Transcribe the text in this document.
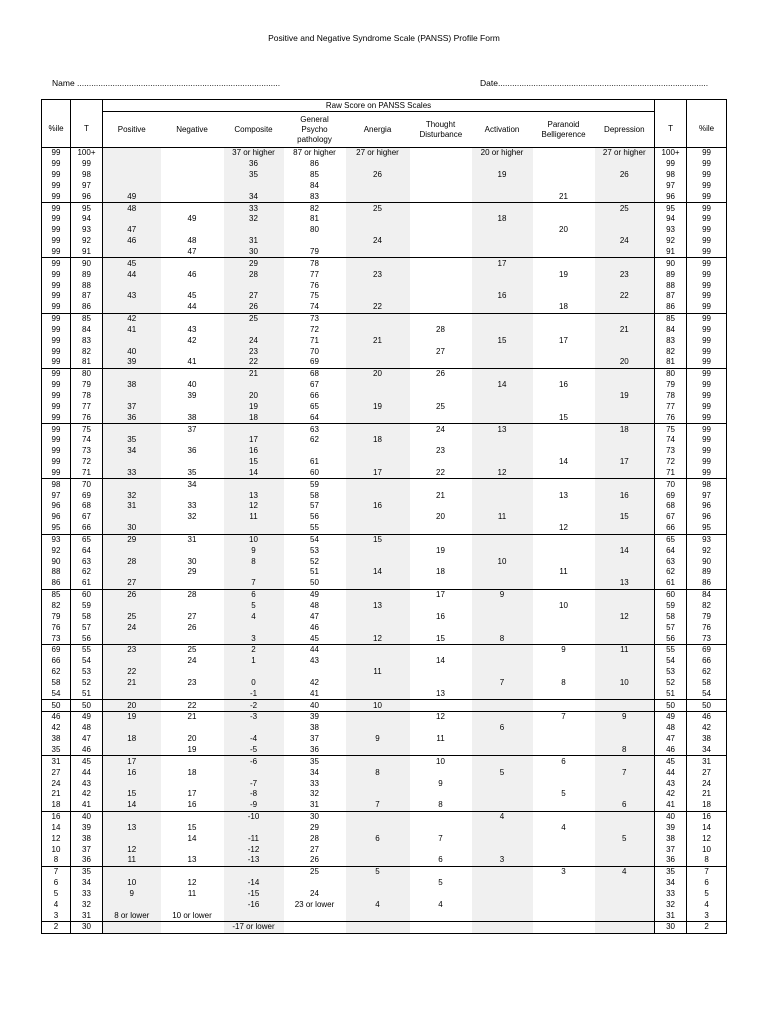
Positive and Negative Syndrome Scale (PANSS) Profile Form
Name ......................................................................................	Date.........................................................................................
		Raw Score on PANSS Scales										
%ile	T	Positive	Negative	Composite	General Psycho pathology	Anergia	Thought Disturbance	Activation	Paranoid Belligerence	Depression	T	%ile
99	100+			37 or higher	87 or higher	27 or higher		20 or higher		27 or higher	100+	99
99	99			36	86						99	99
99	98			35	85	26		19		26	98	99
99	97				84						97	99
99	96	49		34	83				21		96	99
99	95	48		33	82	25				25	95	99
99	94		49	32	81			18			94	99
99	93	47			80				20		93	99
99	92	46	48	31		24				24	92	99
99	91		47	30	79						91	99
99	90	45		29	78			17			90	99
99	89	44	46	28	77	23			19	23	89	99
99	88				76						88	99
99	87	43	45	27	75			16		22	87	99
99	86		44	26	74	22			18		86	99
99	85	42		25	73						85	99
99	84	41	43		72		28			21	84	99
99	83		42	24	71	21		15	17		83	99
99	82	40		23	70		27				82	99
99	81	39	41	22	69					20	81	99
99	80			21	68	20	26				80	99
99	79	38	40		67			14	16		79	99
99	78		39	20	66					19	78	99
99	77	37		19	65	19	25				77	99
99	76	36	38	18	64				15		76	99
99	75		37		63		24	13		18	75	99
99	74	35		17	62	18					74	99
99	73	34	36	16			23				73	99
99	72			15	61				14	17	72	99
99	71	33	35	14	60	17	22	12			71	99
98	70		34		59						70	98
97	69	32		13	58		21		13	16	69	97
96	68	31	33	12	57	16					68	96
96	67		32	11	56		20	11		15	67	96
95	66	30			55				12		66	95
93	65	29	31	10	54	15					65	93
92	64			9	53		19			14	64	92
90	63	28	30	8	52			10			63	90
88	62		29		51	14	18		11		62	89
86	61	27		7	50					13	61	86
85	60	26	28	6	49		17	9			60	84
82	59			5	48	13			10		59	82
79	58	25	27	4	47		16			12	58	79
76	57	24	26		46						57	76
73	56			3	45	12	15	8			56	73
69	55	23	25	2	44				9	11	55	69
66	54		24	1	43		14				54	66
62	53	22				11					53	62
58	52	21	23	0	42			7	8	10	52	58
54	51			-1	41		13				51	54
50	50	20	22	-2	40	10					50	50
46	49	19	21	-3	39		12		7	9	49	46
42	48				38			6			48	42
38	47	18	20	-4	37	9	11				47	38
35	46		19	-5	36					8	46	34
31	45	17		-6	35		10		6		45	31
27	44	16	18		34	8		5		7	44	27
24	43			-7	33		9				43	24
21	42	15	17	-8	32				5		42	21
18	41	14	16	-9	31	7	8			6	41	18
16	40			-10	30			4			40	16
14	39	13	15		29				4		39	14
12	38		14	-11	28	6	7			5	38	12
10	37	12		-12	27						37	10
8	36	11	13	-13	26		6	3			36	8
7	35				25	5			3	4	35	7
6	34	10	12	-14			5				34	6
5	33	9	11	-15	24						33	5
4	32			-16	23 or lower	4	4				32	4
3	31	8 or lower	10 or lower								31	3
2	30			-17 or lower							30	2
